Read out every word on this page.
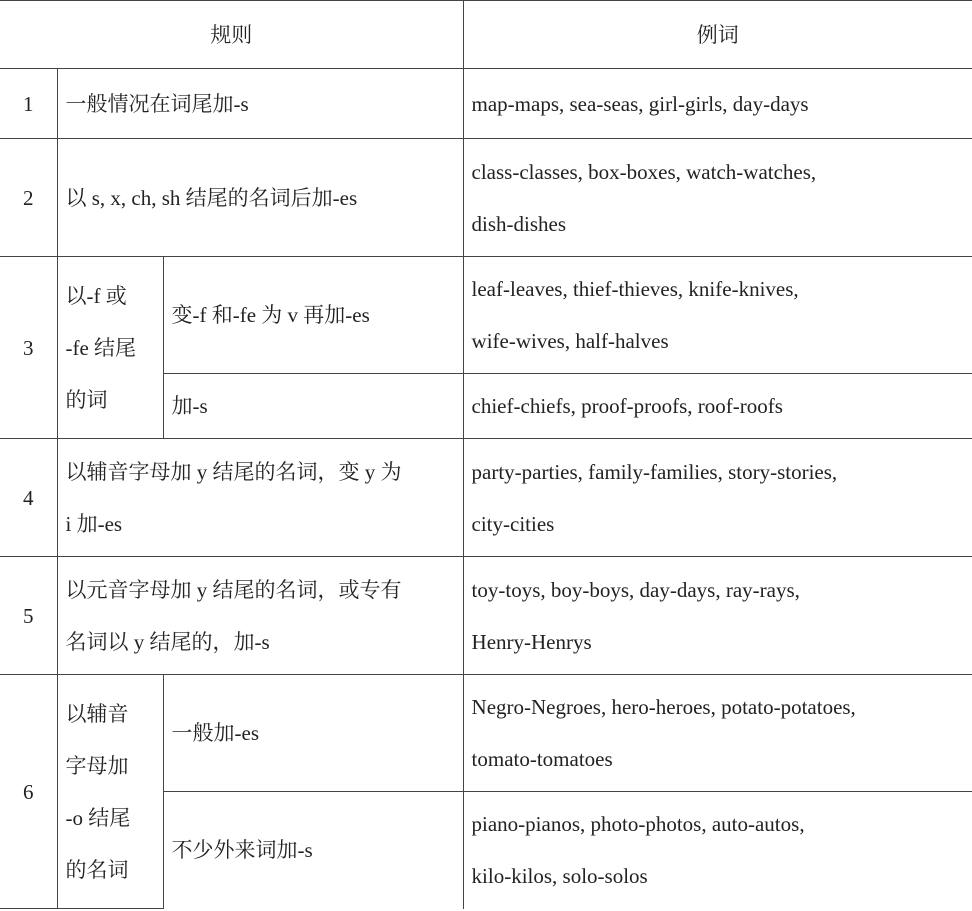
规则			例词
1	一般情况在词尾加-s		map-maps, sea-seas, girl-girls, day-days
2	以 s, x, ch, sh 结尾的名词后加-es		class-classes, box-boxes, watch-watches,
dish-dishes

3	以-f 或
-fe 结尾
的词	变-f 和-fe 为 v 再加-es	leaf-leaves, thief-thieves, knife-knives,
wife-wives, half-halves

		加-s	chief-chiefs, proof-proofs, roof-roofs
4	以辅音字母加 y 结尾的名词，变 y 为
i 加-es		party-parties, family-families, story-stories,
city-cities

5	以元音字母加 y 结尾的名词，或专有
名词以 y 结尾的，加-s		toy-toys, boy-boys, day-days, ray-rays,
Henry-Henrys

6	以辅音
字母加
-o 结尾
的名词	一般加-es	Negro-Negroes, hero-heroes, potato-potatoes,
tomato-tomatoes

		不少外来词加-s	piano-pianos, photo-photos, auto-autos,
kilo-kilos, solo-solos
